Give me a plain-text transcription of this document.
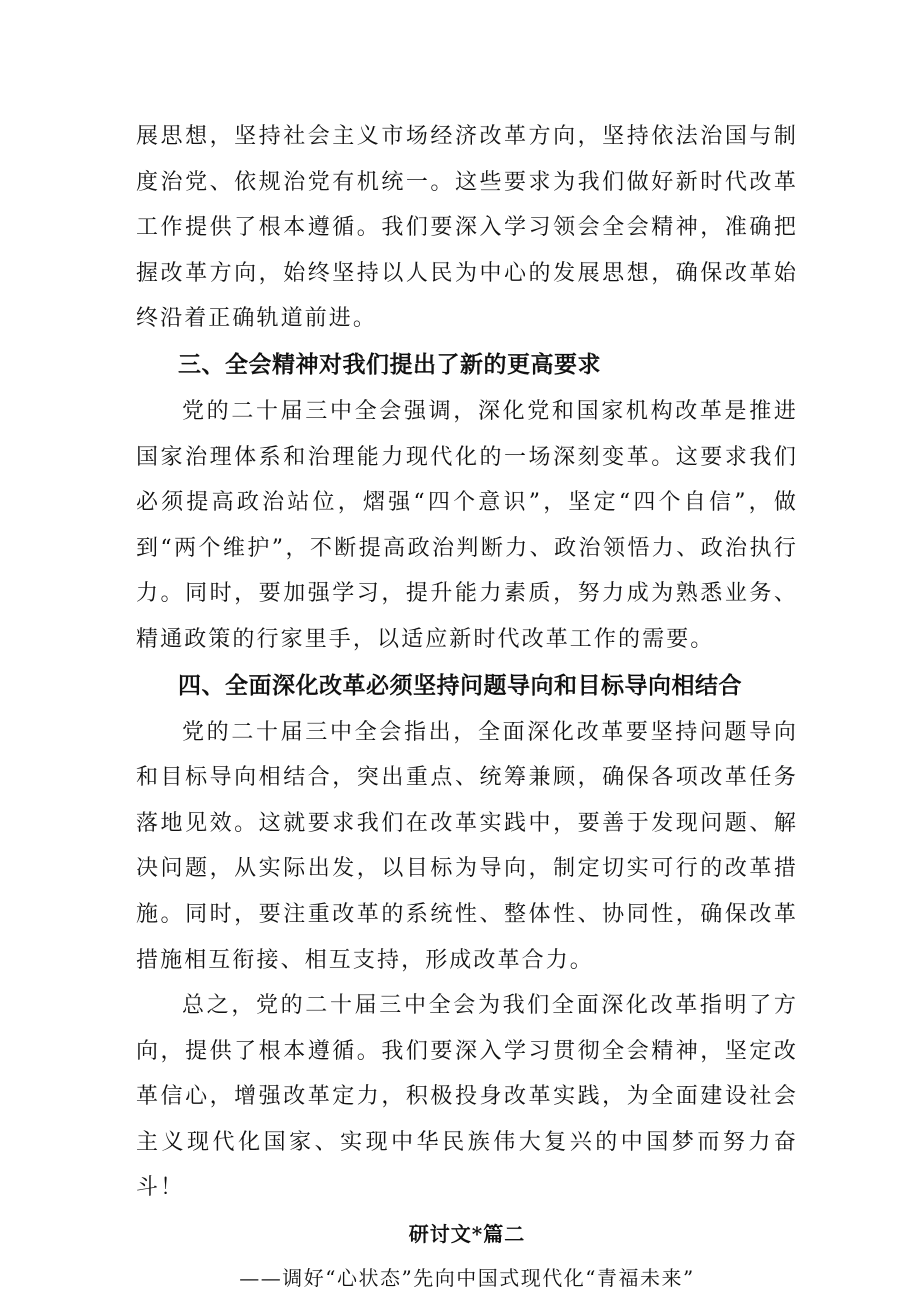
展思想，坚持社会主义市场经济改革方向，坚持依法治国与制度治党、依规治党有机统一。这些要求为我们做好新时代改革工作提供了根本遵循。我们要深入学习领会全会精神，准确把握改革方向，始终坚持以人民为中心的发展思想，确保改革始终沿着正确轨道前进。

三、全会精神对我们提出了新的更高要求

党的二十届三中全会强调，深化党和国家机构改革是推进国家治理体系和治理能力现代化的一场深刻变革。这要求我们必须提高政治站位，熠强“四个意识”，坚定“四个自信”，做到“两个维护”，不断提高政治判断力、政治领悟力、政治执行力。同时，要加强学习，提升能力素质，努力成为熟悉业务、精通政策的行家里手，以适应新时代改革工作的需要。

四、全面深化改革必须坚持问题导向和目标导向相结合

党的二十届三中全会指出，全面深化改革要坚持问题导向和目标导向相结合，突出重点、统筹兼顾，确保各项改革任务落地见效。这就要求我们在改革实践中，要善于发现问题、解决问题，从实际出发，以目标为导向，制定切实可行的改革措施。同时，要注重改革的系统性、整体性、协同性，确保改革措施相互衔接、相互支持，形成改革合力。

总之，党的二十届三中全会为我们全面深化改革指明了方向，提供了根本遵循。我们要深入学习贯彻全会精神，坚定改革信心，增强改革定力，积极投身改革实践，为全面建设社会主义现代化国家、实现中华民族伟大复兴的中国梦而努力奋斗！

研讨文*篇二

——调好“心状态”先向中国式现代化“青福未来”
